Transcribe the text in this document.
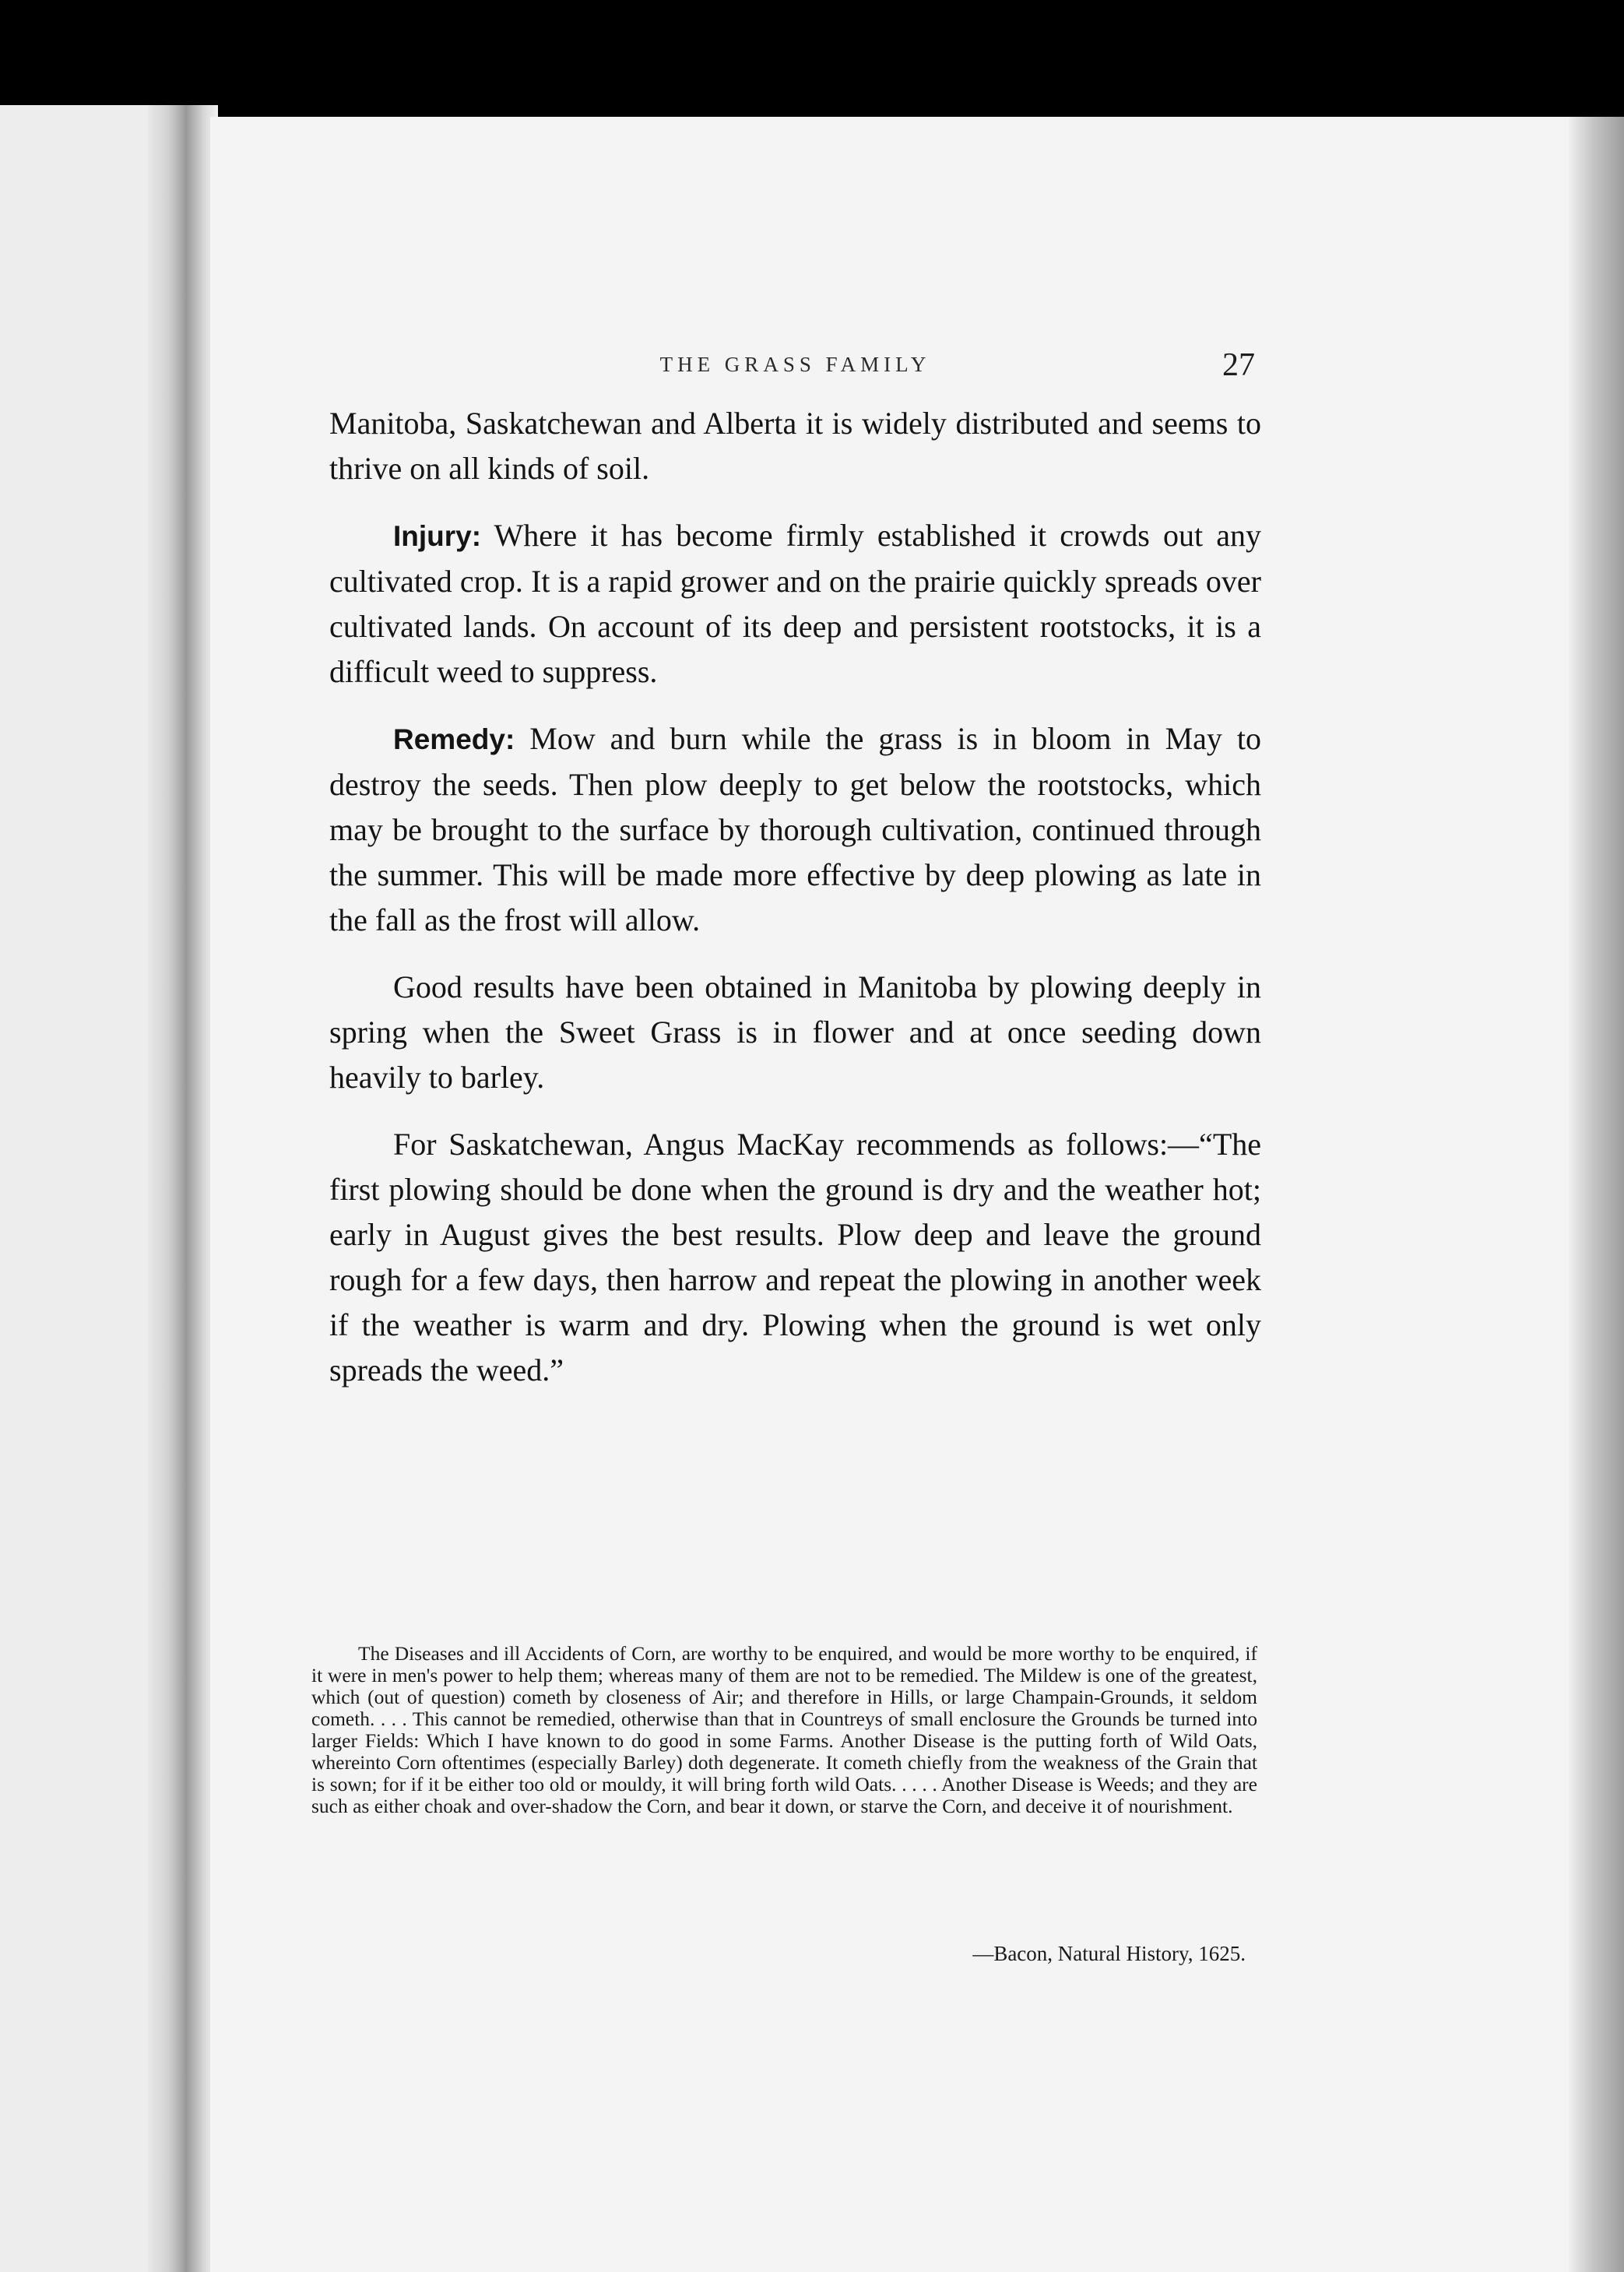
THE GRASS FAMILY	27

Manitoba, Saskatchewan and Alberta it is widely distributed and seems to thrive on all kinds of soil.

Injury: Where it has become firmly established it crowds out any cultivated crop. It is a rapid grower and on the prairie quickly spreads over cultivated lands. On account of its deep and persistent rootstocks, it is a difficult weed to suppress.

Remedy: Mow and burn while the grass is in bloom in May to destroy the seeds. Then plow deeply to get below the rootstocks, which may be brought to the surface by thorough cultivation, continued through the summer. This will be made more effective by deep plowing as late in the fall as the frost will allow.

Good results have been obtained in Manitoba by plowing deeply in spring when the Sweet Grass is in flower and at once seeding down heavily to barley.

For Saskatchewan, Angus MacKay recommends as follows:—“The first plowing should be done when the ground is dry and the weather hot; early in August gives the best results. Plow deep and leave the ground rough for a few days, then harrow and repeat the plowing in another week if the weather is warm and dry. Plowing when the ground is wet only spreads the weed.”

The Diseases and ill Accidents of Corn, are worthy to be enquired, and would be more worthy to be enquired, if it were in men's power to help them; whereas many of them are not to be remedied. The Mildew is one of the greatest, which (out of question) cometh by closeness of Air; and therefore in Hills, or large Champain-Grounds, it seldom cometh. . . . This cannot be remedied, otherwise than that in Countreys of small enclosure the Grounds be turned into larger Fields: Which I have known to do good in some Farms. Another Disease is the putting forth of Wild Oats, whereinto Corn oftentimes (especially Barley) doth degenerate. It cometh chiefly from the weakness of the Grain that is sown; for if it be either too old or mouldy, it will bring forth wild Oats. . . . . Another Disease is Weeds; and they are such as either choak and over-shadow the Corn, and bear it down, or starve the Corn, and deceive it of nourishment.

—Bacon, Natural History, 1625.
